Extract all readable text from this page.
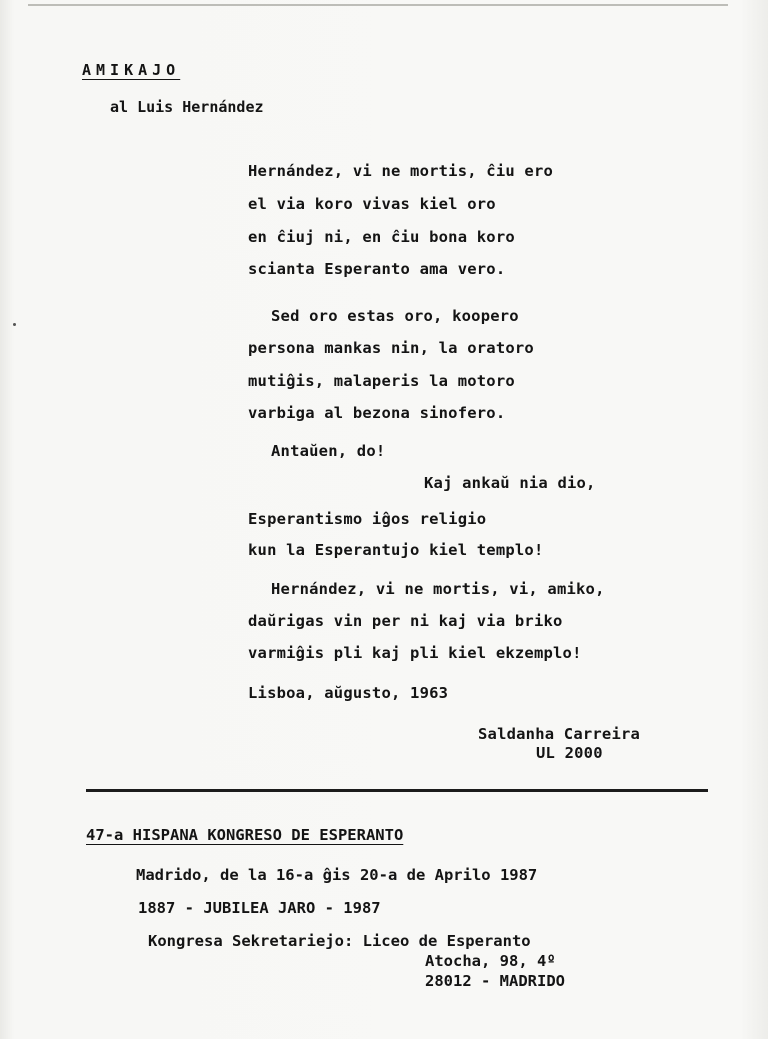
AMIKAJO
al Luis Hernández
Hernández, vi ne mortis, ĉiu ero
el via koro vivas kiel oro
en ĉiuj ni, en ĉiu bona koro
scianta Esperanto ama vero.
Sed oro estas oro, koopero
persona mankas nin, la oratoro
mutiĝis, malaperis la motoro
varbiga al bezona sinofero.
Antaŭen, do!
Kaj ankaŭ nia dio,
Esperantismo iĝos religio
kun la Esperantujo kiel templo!
Hernández, vi ne mortis, vi, amiko,
daŭrigas vin per ni kaj via briko
varmiĝis pli kaj pli kiel ekzemplo!
Lisboa, aŭgusto, 1963
Saldanha Carreira
UL 2000
47-a HISPANA KONGRESO DE ESPERANTO
Madrido, de la 16-a ĝis 20-a de Aprilo 1987
1887 - JUBILEA JARO - 1987
Kongresa Sekretariejo: Liceo de Esperanto
Atocha, 98, 4º
28012 - MADRIDO
